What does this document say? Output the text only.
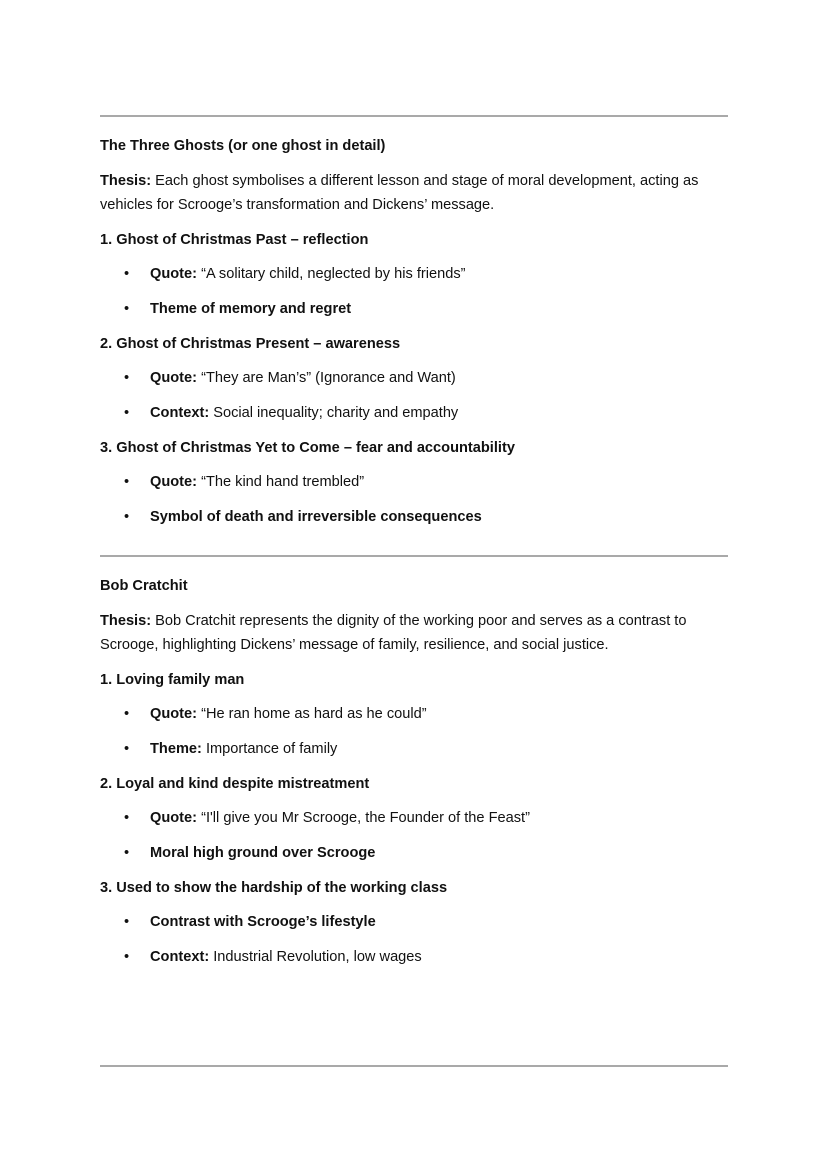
The Three Ghosts (or one ghost in detail)
Thesis: Each ghost symbolises a different lesson and stage of moral development, acting as
vehicles for Scrooge’s transformation and Dickens’ message.
1. Ghost of Christmas Past – reflection
• Quote: “A solitary child, neglected by his friends”
• Theme of memory and regret
2. Ghost of Christmas Present – awareness
• Quote: “They are Man’s” (Ignorance and Want)
• Context: Social inequality; charity and empathy
3. Ghost of Christmas Yet to Come – fear and accountability
• Quote: “The kind hand trembled”
• Symbol of death and irreversible consequences
Bob Cratchit
Thesis: Bob Cratchit represents the dignity of the working poor and serves as a contrast to
Scrooge, highlighting Dickens’ message of family, resilience, and social justice.
1. Loving family man
• Quote: “He ran home as hard as he could”
• Theme: Importance of family
2. Loyal and kind despite mistreatment
• Quote: “I'll give you Mr Scrooge, the Founder of the Feast”
• Moral high ground over Scrooge
3. Used to show the hardship of the working class
• Contrast with Scrooge’s lifestyle
• Context: Industrial Revolution, low wages
